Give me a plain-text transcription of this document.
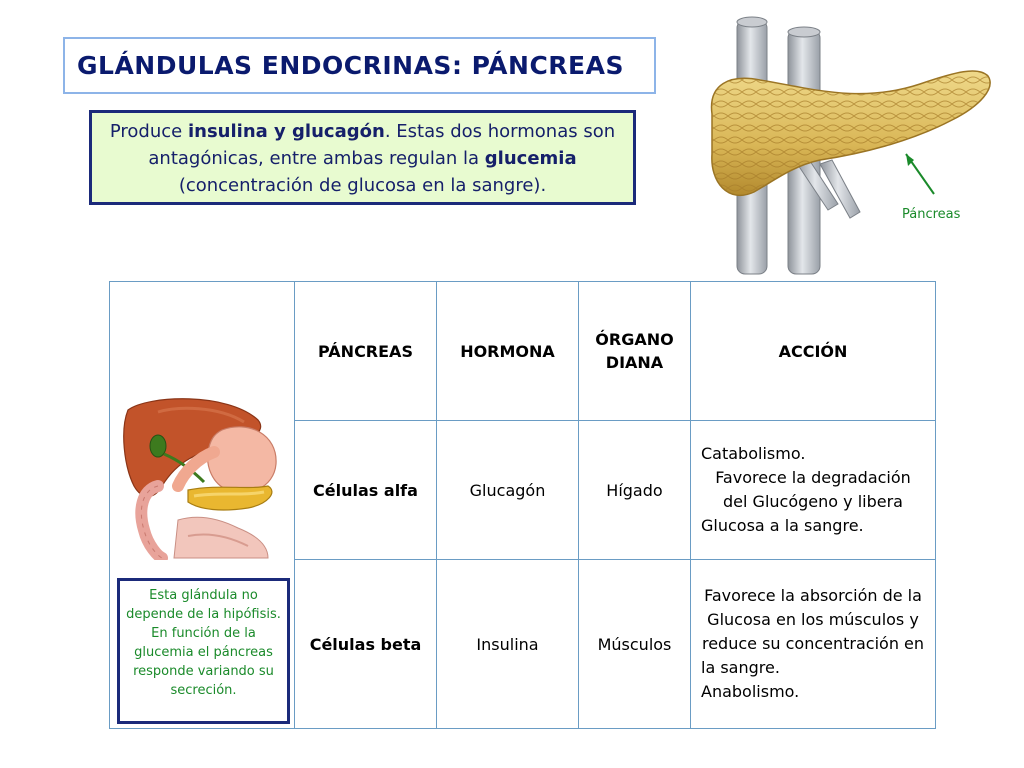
GLÁNDULAS ENDOCRINAS: PÁNCREAS
Produce insulina y glucagón. Estas dos hormonas son antagónicas, entre ambas regulan la glucemia (concentración de glucosa en la sangre).
Páncreas
Esta glándula no depende de la hipófisis. En función de la glucemia el páncreas responde variando su secreción.	PÁNCREAS	HORMONA	ÓRGANO DIANA	ACCIÓN
	Células alfa	Glucagón	Hígado	Catabolismo.
Favorece la degradación del Glucógeno y libera Glucosa a la sangre.

	Células beta	Insulina	Músculos	Favorece la absorción de la Glucosa en los músculos y reduce su concentración en la sangre.
Anabolismo.
